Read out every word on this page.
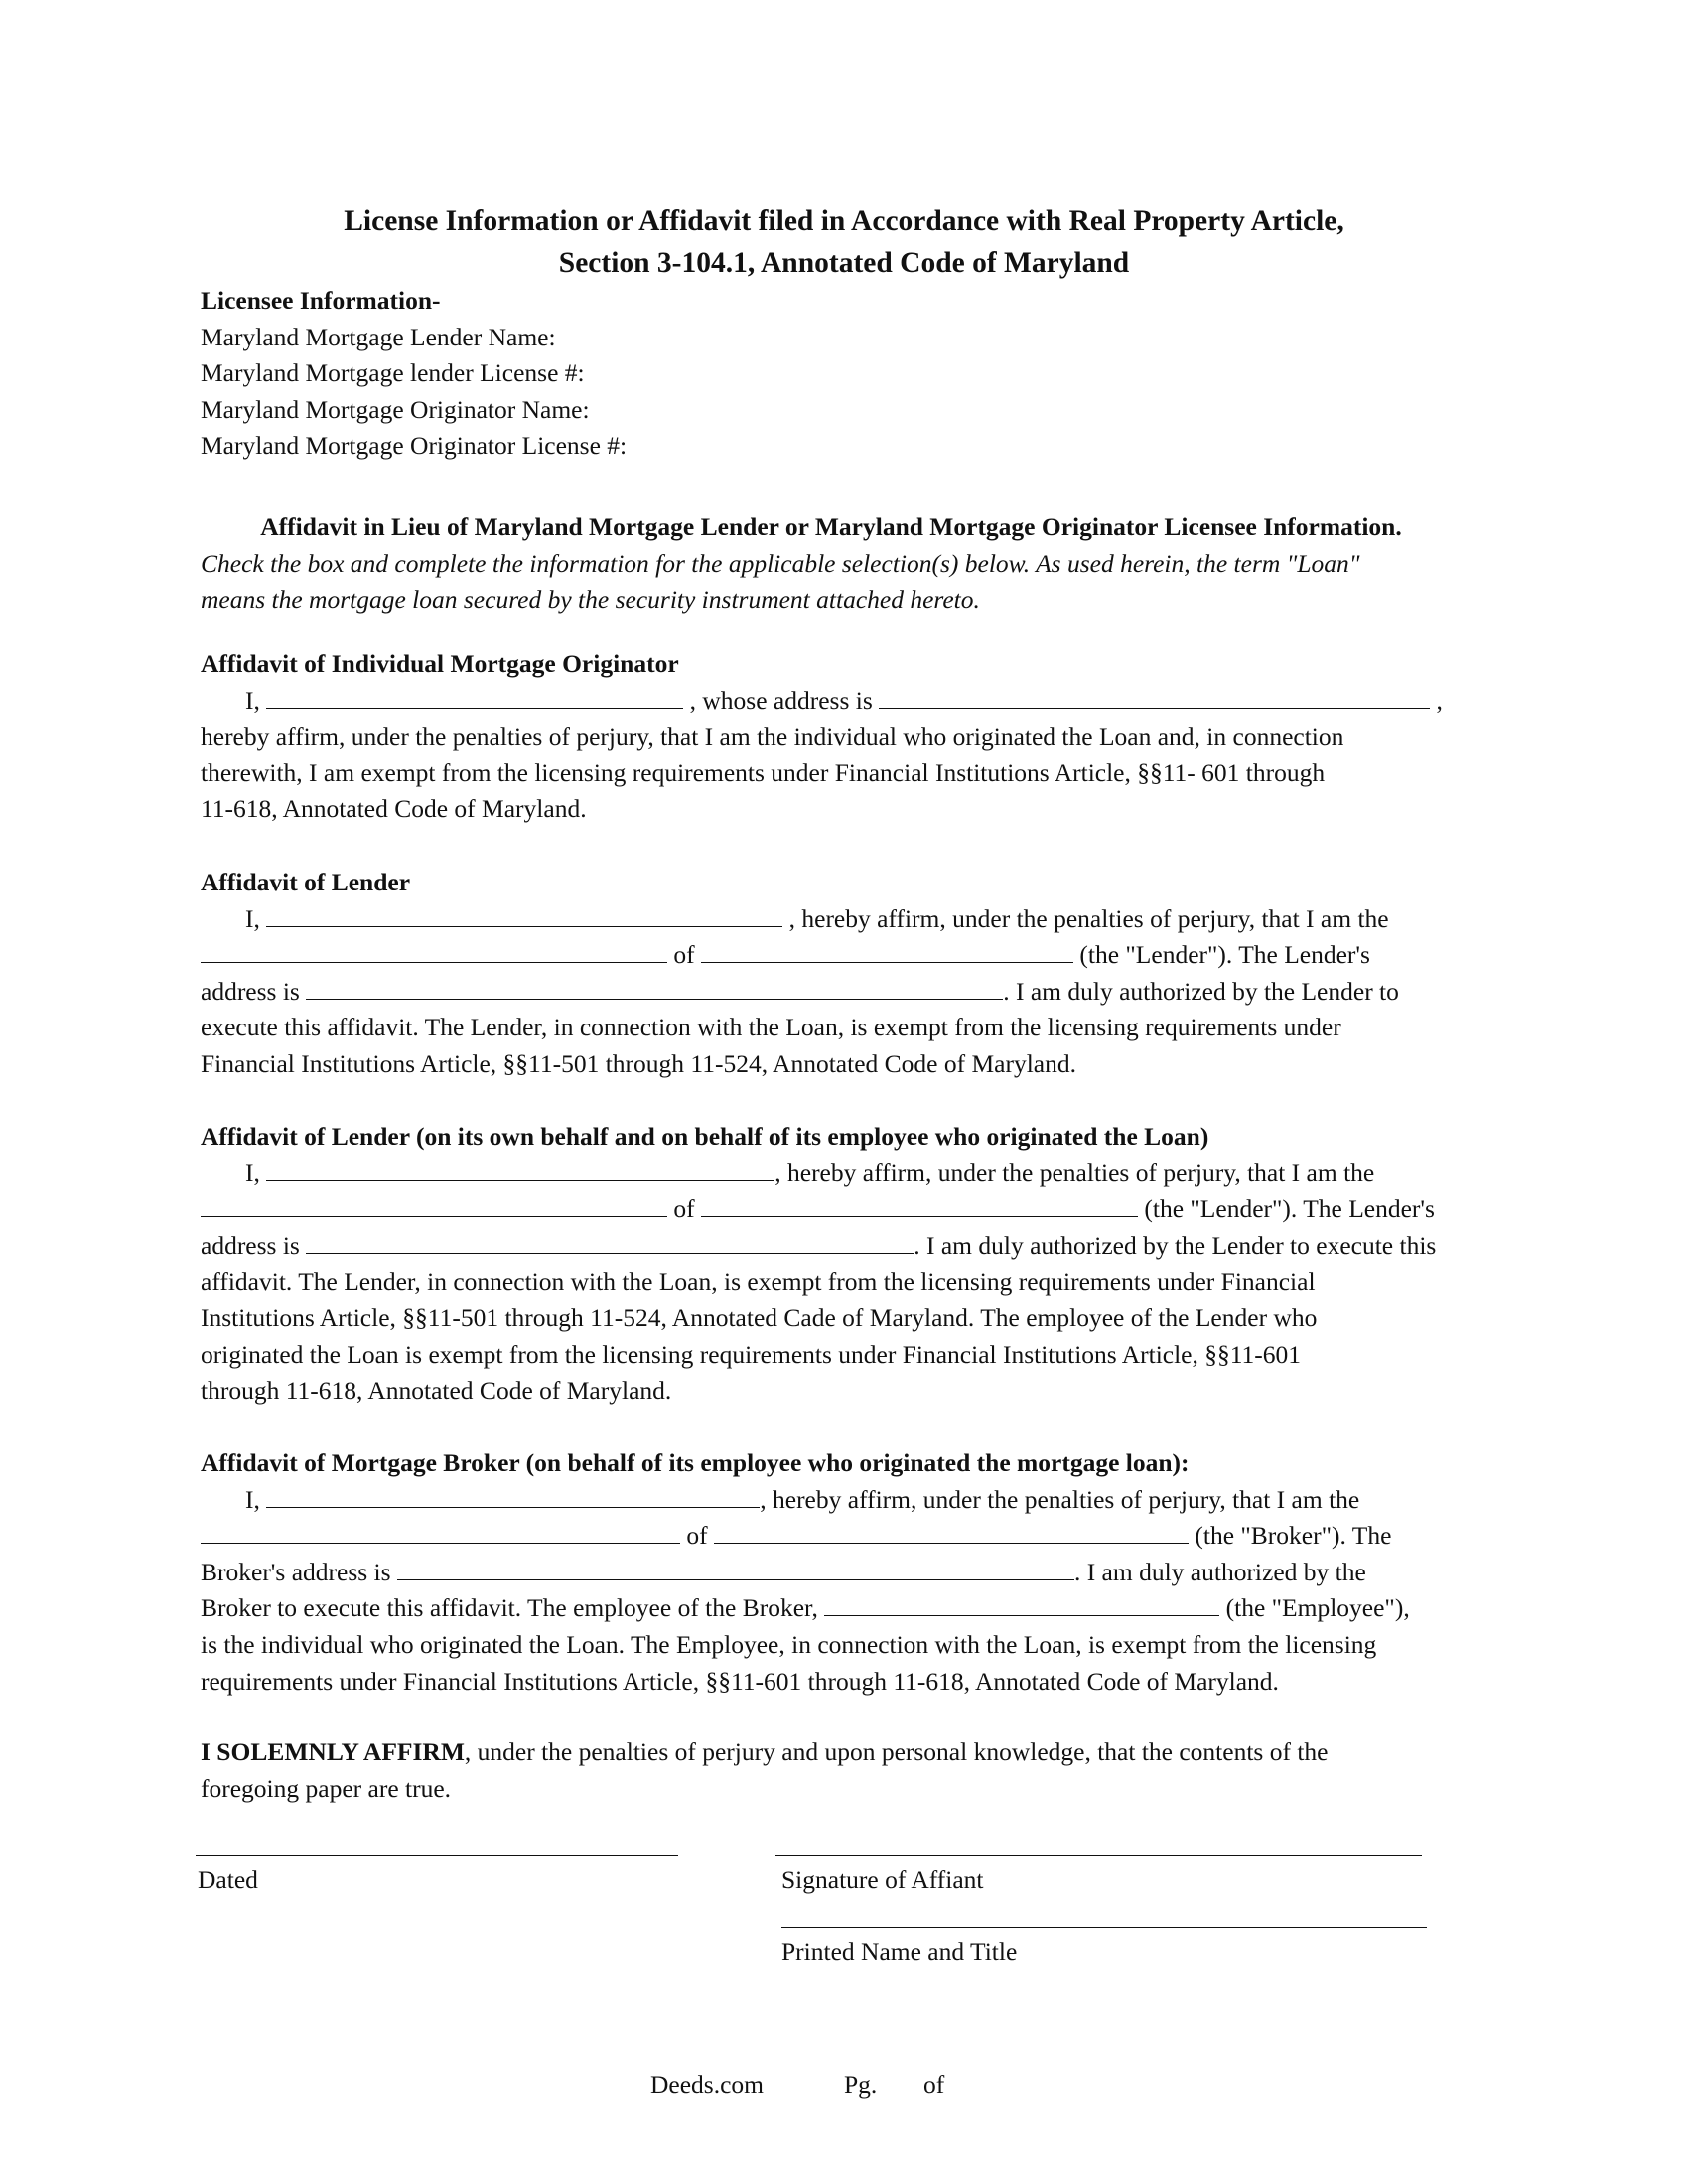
License Information or Affidavit filed in Accordance with Real Property Article,
Section 3-104.1, Annotated Code of Maryland
Licensee Information-
Maryland Mortgage Lender Name:
Maryland Mortgage lender License #:
Maryland Mortgage Originator Name:
Maryland Mortgage Originator License #:
Affidavit in Lieu of Maryland Mortgage Lender or Maryland Mortgage Originator Licensee Information.
Check the box and complete the information for the applicable selection(s) below. As used herein, the term "Loan"
means the mortgage loan secured by the security instrument attached hereto.
Affidavit of Individual Mortgage Originator
I,	, whose address is	,
hereby affirm, under the penalties of perjury, that I am the individual who originated the Loan and, in connection
therewith, I am exempt from the licensing requirements under Financial Institutions Article, §§11- 601 through
11-618, Annotated Code of Maryland.
Affidavit of Lender
I,	, hereby affirm, under the penalties of perjury, that I am the
of	(the "Lender"). The Lender's
address is	. I am duly authorized by the Lender to
execute this affidavit. The Lender, in connection with the Loan, is exempt from the licensing requirements under
Financial Institutions Article, §§11-501 through 11-524, Annotated Code of Maryland.
Affidavit of Lender (on its own behalf and on behalf of its employee who originated the Loan)
I,	, hereby affirm, under the penalties of perjury, that I am the
of	(the "Lender"). The Lender's
address is	. I am duly authorized by the Lender to execute this
affidavit. The Lender, in connection with the Loan, is exempt from the licensing requirements under Financial
Institutions Article, §§11-501 through 11-524, Annotated Cade of Maryland. The employee of the Lender who
originated the Loan is exempt from the licensing requirements under Financial Institutions Article, §§11-601
through 11-618, Annotated Code of Maryland.
Affidavit of Mortgage Broker (on behalf of its employee who originated the mortgage loan):
I,	, hereby affirm, under the penalties of perjury, that I am the
of	(the "Broker"). The
Broker's address is	. I am duly authorized by the
Broker to execute this affidavit. The employee of the Broker,	(the "Employee"),
is the individual who originated the Loan. The Employee, in connection with the Loan, is exempt from the licensing
requirements under Financial Institutions Article, §§11-601 through 11-618, Annotated Code of Maryland.
I SOLEMNLY AFFIRM, under the penalties of perjury and upon personal knowledge, that the contents of the
foregoing paper are true.
Dated	Signature of Affiant
Printed Name and Title
Deeds.com	Pg. of
